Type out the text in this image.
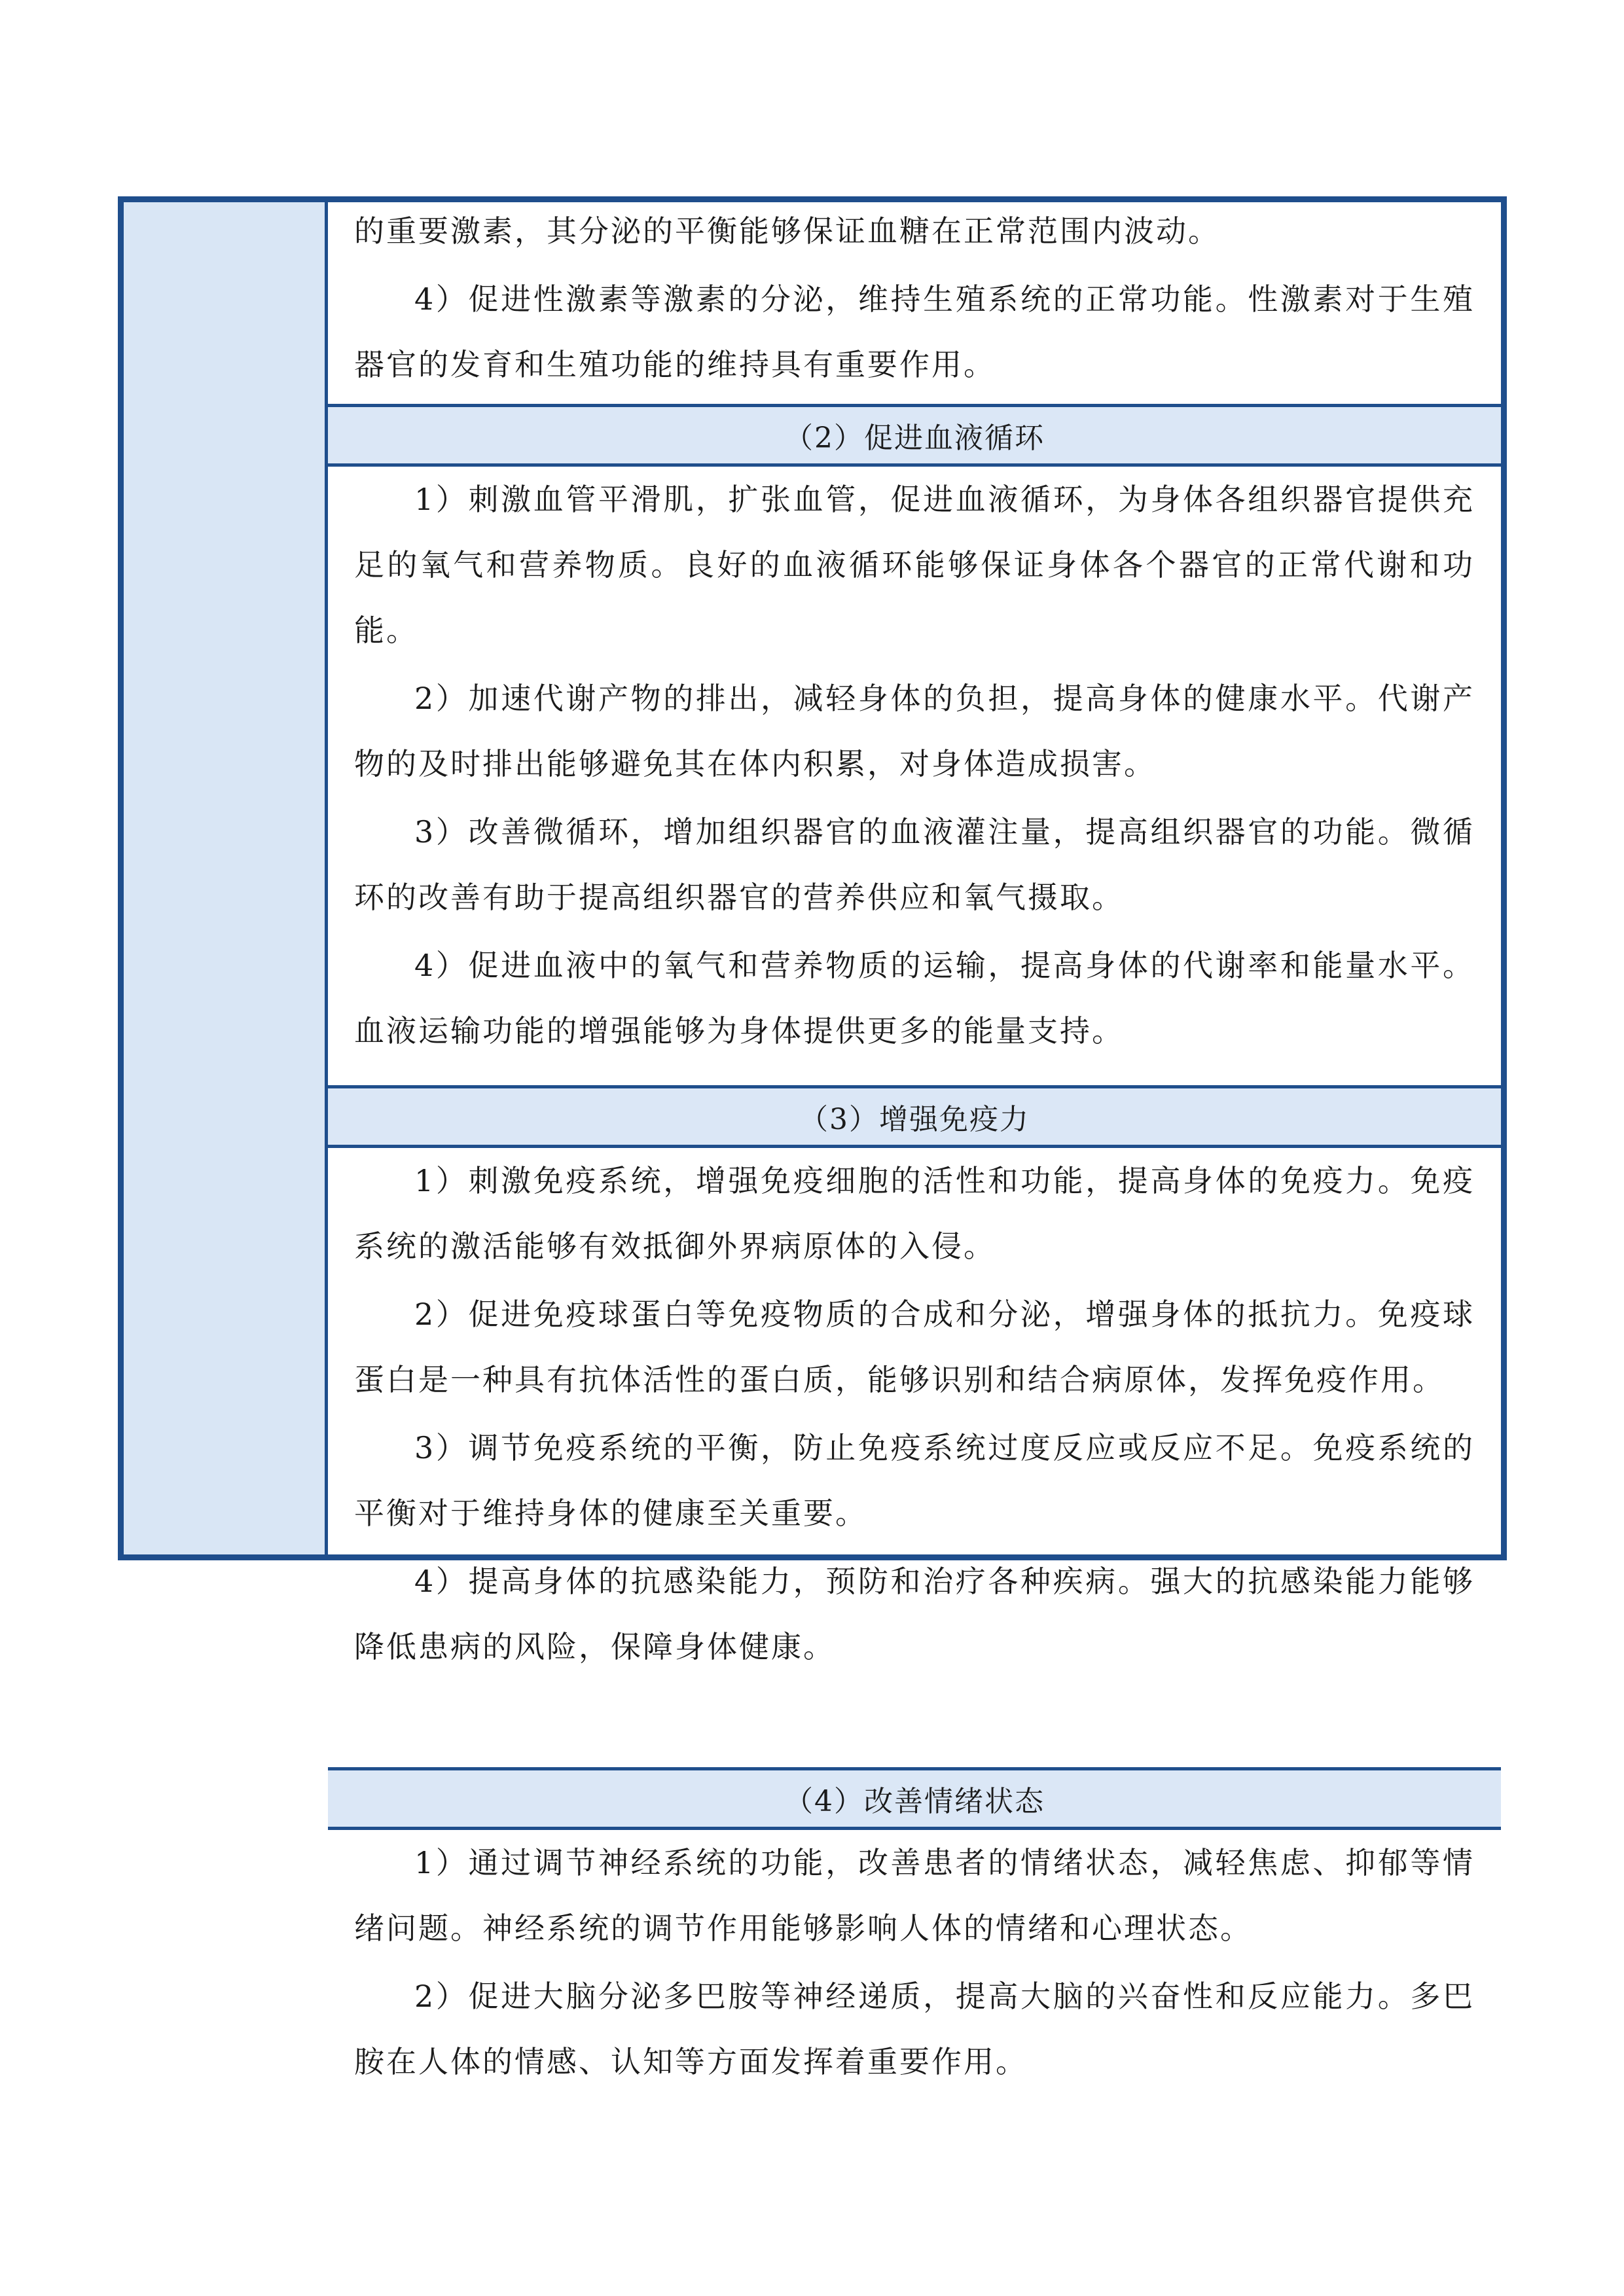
的重要激素，其分泌的平衡能够保证血糖在正常范围内波动。

4）促进性激素等激素的分泌，维持生殖系统的正常功能。性激素对于生殖器官的发育和生殖功能的维持具有重要作用。

（2）促进血液循环

1）刺激血管平滑肌，扩张血管，促进血液循环，为身体各组织器官提供充足的氧气和营养物质。良好的血液循环能够保证身体各个器官的正常代谢和功能。

2）加速代谢产物的排出，减轻身体的负担，提高身体的健康水平。代谢产物的及时排出能够避免其在体内积累，对身体造成损害。

3）改善微循环，增加组织器官的血液灌注量，提高组织器官的功能。微循环的改善有助于提高组织器官的营养供应和氧气摄取。

4）促进血液中的氧气和营养物质的运输，提高身体的代谢率和能量水平。血液运输功能的增强能够为身体提供更多的能量支持。

（3）增强免疫力

1）刺激免疫系统，增强免疫细胞的活性和功能，提高身体的免疫力。免疫系统的激活能够有效抵御外界病原体的入侵。

2）促进免疫球蛋白等免疫物质的合成和分泌，增强身体的抵抗力。免疫球蛋白是一种具有抗体活性的蛋白质，能够识别和结合病原体，发挥免疫作用。

3）调节免疫系统的平衡，防止免疫系统过度反应或反应不足。免疫系统的平衡对于维持身体的健康至关重要。

4）提高身体的抗感染能力，预防和治疗各种疾病。强大的抗感染能力能够降低患病的风险，保障身体健康。

（4）改善情绪状态

1）通过调节神经系统的功能，改善患者的情绪状态，减轻焦虑、抑郁等情绪问题。神经系统的调节作用能够影响人体的情绪和心理状态。

2）促进大脑分泌多巴胺等神经递质，提高大脑的兴奋性和反应能力。多巴胺在人体的情感、认知等方面发挥着重要作用。
